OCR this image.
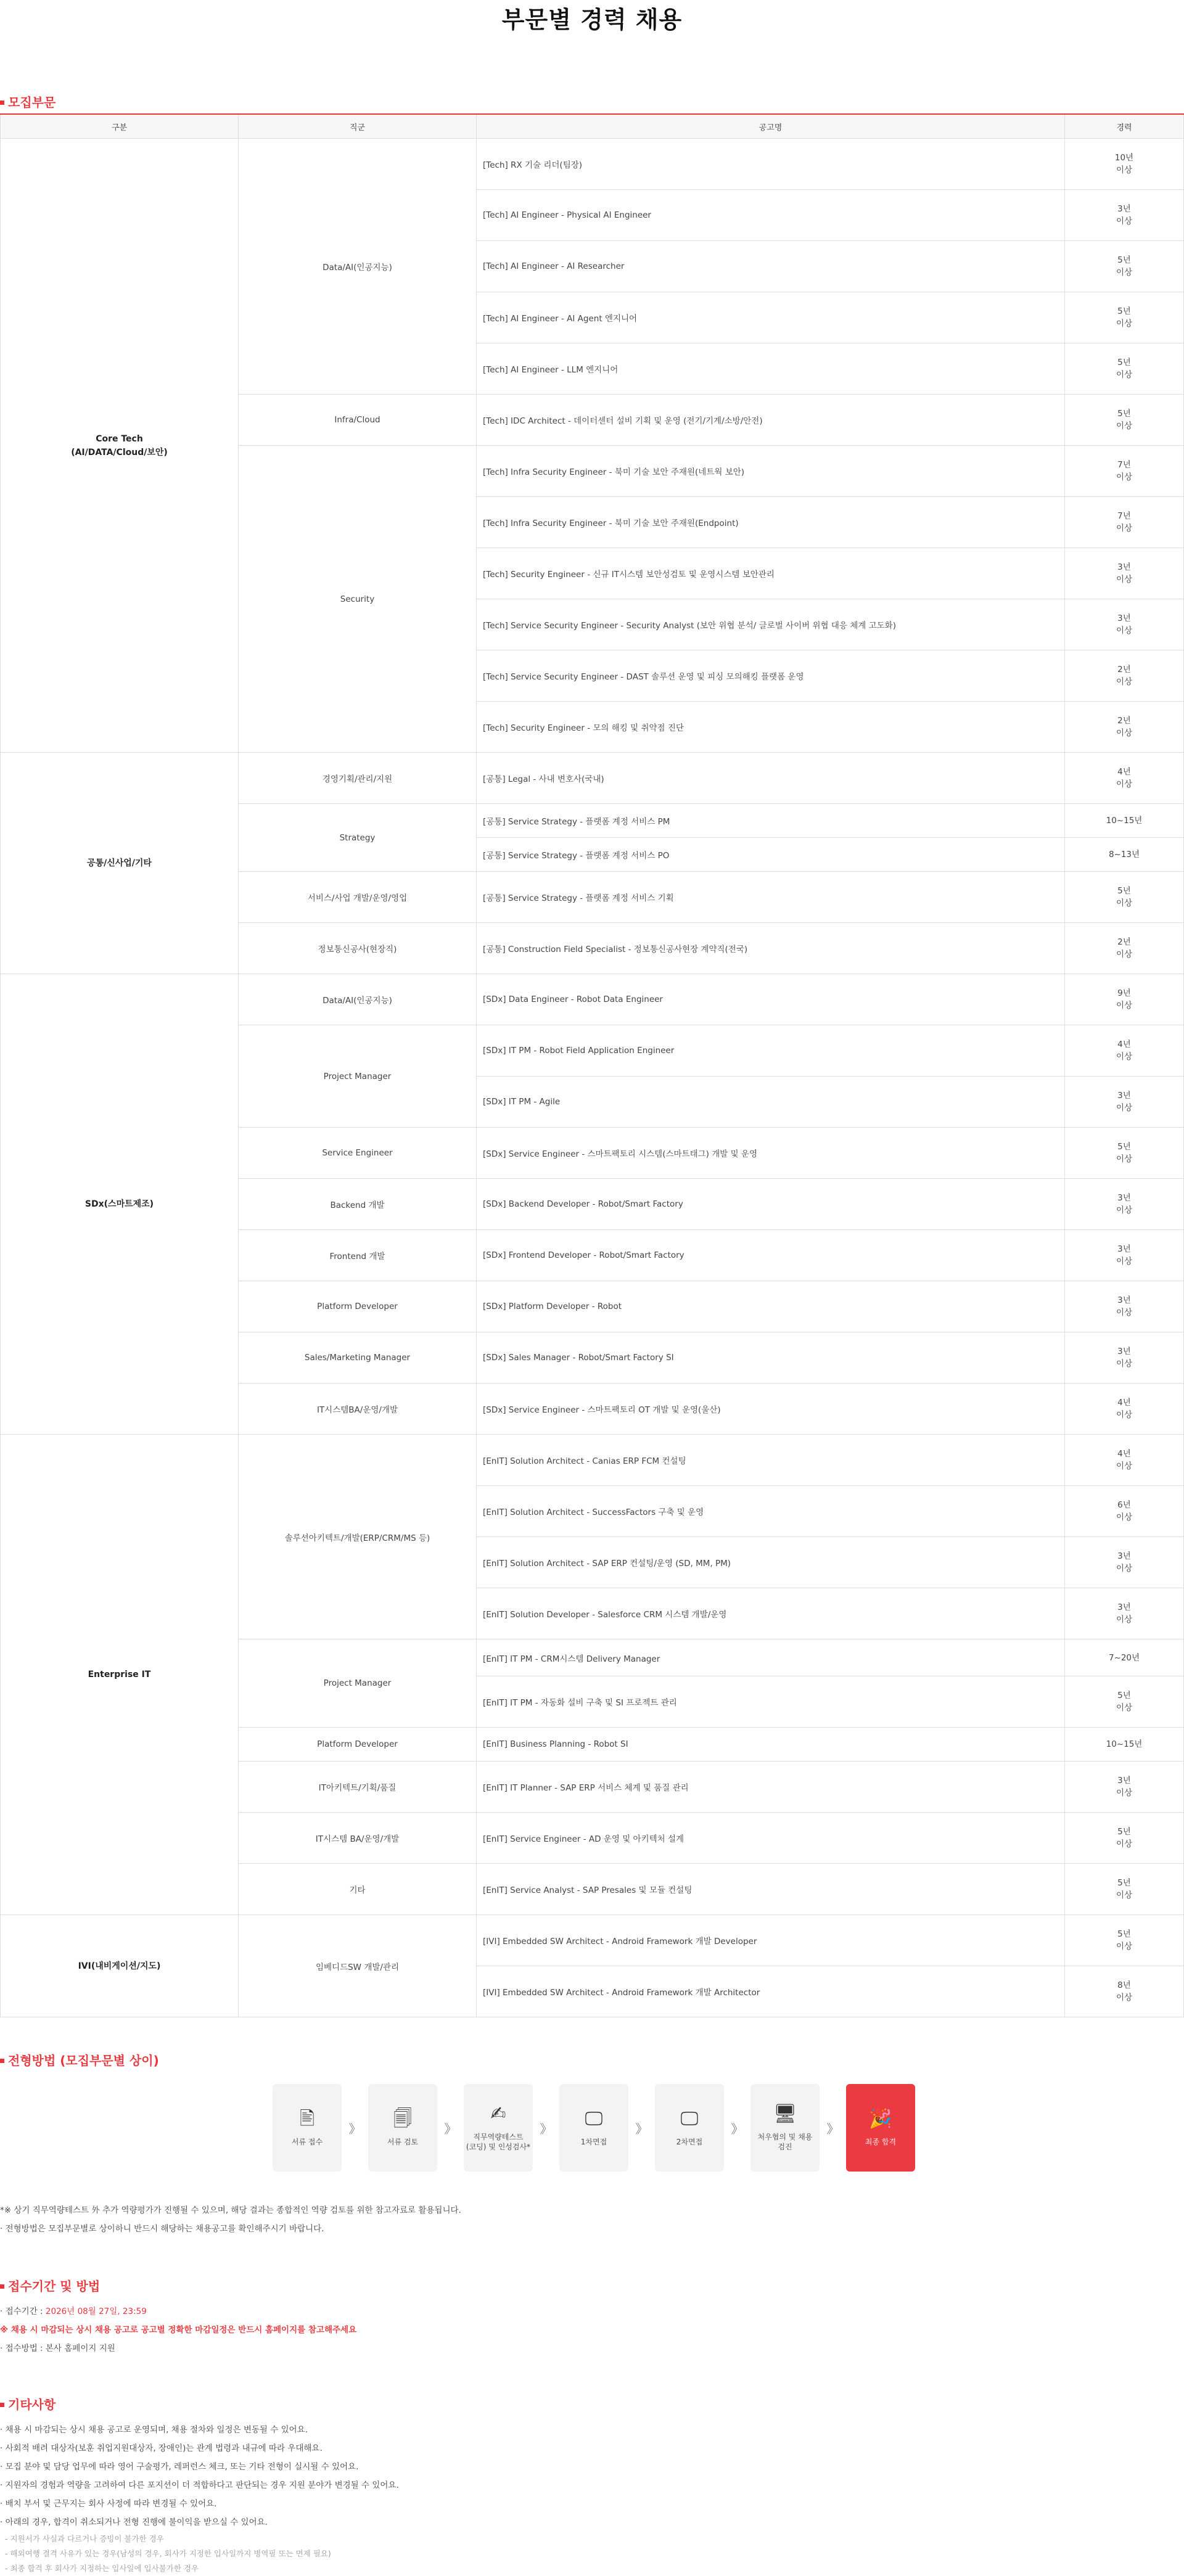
부문별 경력 채용
모집부문
구분	직군	공고명	경력
Core Tech
(AI/DATA/Cloud/보안)	Data/AI(인공지능)	[Tech] RX 기술 리더(팀장)	10년
이상

		[Tech] AI Engineer - Physical AI Engineer	3년
이상

		[Tech] AI Engineer - AI Researcher	5년
이상

		[Tech] AI Engineer - AI Agent 엔지니어	5년
이상

		[Tech] AI Engineer - LLM 엔지니어	5년
이상

	Infra/Cloud	[Tech] IDC Architect - 데이터센터 설비 기획 및 운영 (전기/기계/소방/안전)	5년
이상

	Security	[Tech] Infra Security Engineer - 북미 기술 보안 주재원(네트웍 보안)	7년
이상

		[Tech] Infra Security Engineer - 북미 기술 보안 주재원(Endpoint)	7년
이상

		[Tech] Security Engineer - 신규 IT시스템 보안성검토 및 운영시스템 보안관리	3년
이상

		[Tech] Service Security Engineer - Security Analyst (보안 위협 분석/ 글로벌 사이버 위협 대응 체계 고도화)	3년
이상

		[Tech] Service Security Engineer - DAST 솔루션 운영 및 피싱 모의해킹 플랫폼 운영	2년
이상

		[Tech] Security Engineer - 모의 해킹 및 취약점 진단	2년
이상

공통/신사업/기타	경영기획/관리/지원	[공통] Legal - 사내 변호사(국내)	4년
이상

	Strategy	[공통] Service Strategy - 플랫폼 계정 서비스 PM	10~15년

		[공통] Service Strategy - 플랫폼 계정 서비스 PO	8~13년

	서비스/사업 개발/운영/영업	[공통] Service Strategy - 플랫폼 계정 서비스 기획	5년
이상

	정보통신공사(현장직)	[공통] Construction Field Specialist - 정보통신공사현장 계약직(전국)	2년
이상

SDx(스마트제조)	Data/AI(인공지능)	[SDx] Data Engineer - Robot Data Engineer	9년
이상

	Project Manager	[SDx] IT PM - Robot Field Application Engineer	4년
이상

		[SDx] IT PM - Agile	3년
이상

	Service Engineer	[SDx] Service Engineer - 스마트팩토리 시스템(스마트태그) 개발 및 운영	5년
이상

	Backend 개발	[SDx] Backend Developer - Robot/Smart Factory	3년
이상

	Frontend 개발	[SDx] Frontend Developer - Robot/Smart Factory	3년
이상

	Platform Developer	[SDx] Platform Developer - Robot	3년
이상

	Sales/Marketing Manager	[SDx] Sales Manager - Robot/Smart Factory SI	3년
이상

	IT시스템BA/운영/개발	[SDx] Service Engineer - 스마트팩토리 OT 개발 및 운영(울산)	4년
이상

Enterprise IT	솔루션아키텍트/개발(ERP/CRM/MS 등)	[EnIT] Solution Architect - Canias ERP FCM 컨설팅	4년
이상

		[EnIT] Solution Architect - SuccessFactors 구축 및 운영	6년
이상

		[EnIT] Solution Architect - SAP ERP 컨설팅/운영 (SD, MM, PM)	3년
이상

		[EnIT] Solution Developer - Salesforce CRM 시스템 개발/운영	3년
이상

	Project Manager	[EnIT] IT PM - CRM시스템 Delivery Manager	7~20년

		[EnIT] IT PM - 자동화 설비 구축 및 SI 프로젝트 관리	5년
이상

	Platform Developer	[EnIT] Business Planning - Robot SI	10~15년

	IT아키텍트/기획/품질	[EnIT] IT Planner - SAP ERP 서비스 체계 및 품질 관리	3년
이상

	IT시스템 BA/운영/개발	[EnIT] Service Engineer - AD 운영 및 아키텍처 설계	5년
이상

	기타	[EnIT] Service Analyst - SAP Presales 및 모듈 컨설팅	5년
이상

IVI(내비게이션/지도)	임베디드SW 개발/관리	[IVI] Embedded SW Architect - Android Framework 개발 Developer	5년
이상

		[IVI] Embedded SW Architect - Android Framework 개발 Architector	8년
이상
전형방법 (모집부문별 상이)
🖹
서류 접수
》	🗐
서류 검토
》
✍
직무역량테스트
(코딩) 및 인성검사*
》	🖵
1차면접
》	🖵
2차면접
》
🖥
처우협의 및 채용
검진
》	🎉
최종 합격

*※ 상기 직무역량테스트 外 추가 역량평가가 진행될 수 있으며, 해당 결과는 종합적인 역량 검토를 위한 참고자료로 활용됩니다.

· 전형방법은 모집부문별로 상이하니 반드시 해당하는 채용공고를 확인해주시기 바랍니다.

접수기간 및 방법

· 접수기간 : 2026년 08월 27일, 23:59

※ 채용 시 마감되는 상시 채용 공고로 공고별 정확한 마감일정은 반드시 홈페이지를 참고해주세요

· 접수방법 : 본사 홈페이지 지원

기타사항

· 채용 시 마감되는 상시 채용 공고로 운영되며, 채용 절차와 일정은 변동될 수 있어요.

· 사회적 배려 대상자(보훈 취업지원대상자, 장애인)는 관계 법령과 내규에 따라 우대해요.

· 모집 분야 및 담당 업무에 따라 영어 구술평가, 레퍼런스 체크, 또는 기타 전형이 실시될 수 있어요.

· 지원자의 경험과 역량을 고려하여 다른 포지션이 더 적합하다고 판단되는 경우 지원 분야가 변경될 수 있어요.

· 배치 부서 및 근무지는 회사 사정에 따라 변경될 수 있어요.

· 아래의 경우, 합격이 취소되거나 전형 진행에 불이익을 받으실 수 있어요.

- 지원서가 사실과 다르거나 증빙이 불가한 경우

- 해외여행 결격 사유가 있는 경우(남성의 경우, 회사가 지정한 입사일까지 병역필 또는 면제 필요)

- 최종 합격 후 회사가 지정하는 입사일에 입사불가한 경우
